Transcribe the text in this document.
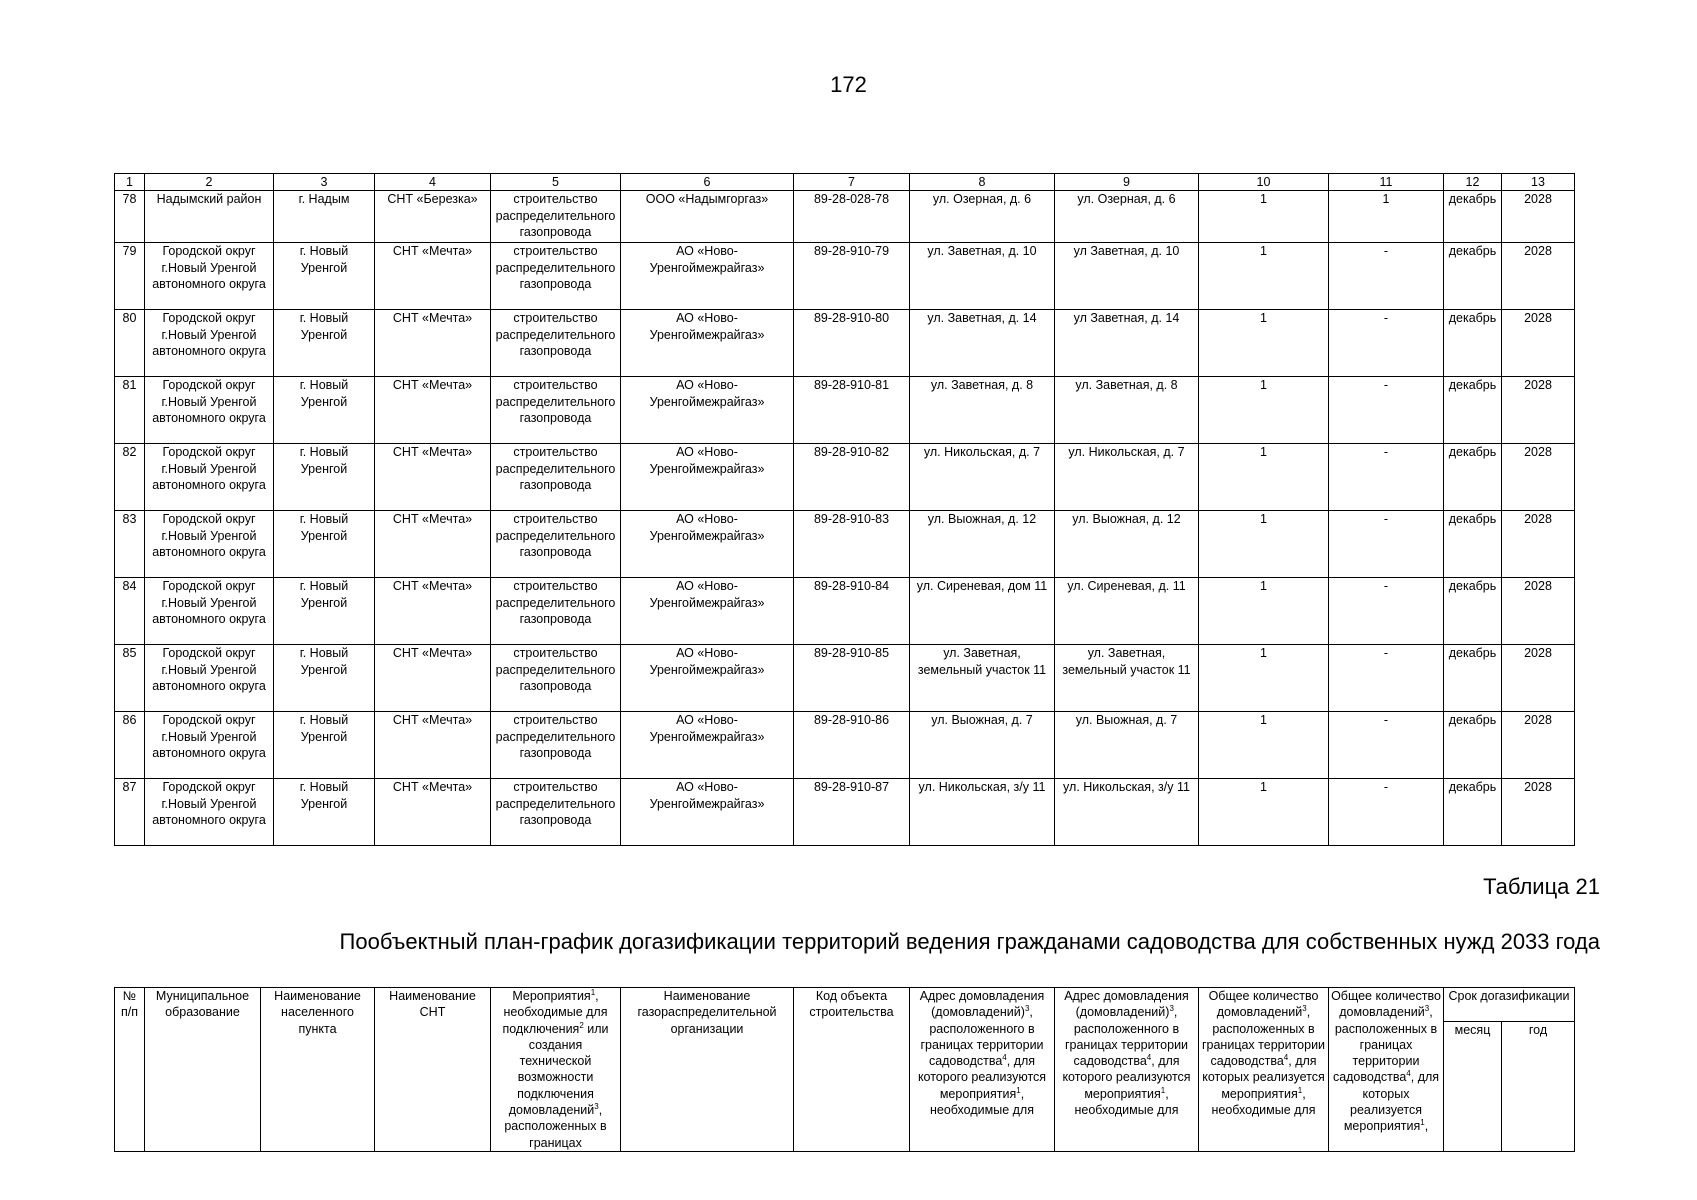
172
1	2	3	4	5	6	7	8	9	10	11	12	13
78	Надымский район	г. Надым	СНТ «Березка»	строительство распределительного газопровода	ООО «Надымгоргаз»	89-28-028-78	ул. Озерная, д. 6	ул. Озерная, д. 6	1	1	декабрь	2028
79	Городской округ г.Новый Уренгой автономного округа	г. Новый Уренгой	СНТ «Мечта»	строительство распределительного газопровода	АО «Ново-Уренгоймежрайгаз»	89-28-910-79	ул. Заветная, д. 10	ул Заветная, д. 10	1	-	декабрь	2028
80	Городской округ г.Новый Уренгой автономного округа	г. Новый Уренгой	СНТ «Мечта»	строительство распределительного газопровода	АО «Ново-Уренгоймежрайгаз»	89-28-910-80	ул. Заветная, д. 14	ул Заветная, д. 14	1	-	декабрь	2028
81	Городской округ г.Новый Уренгой автономного округа	г. Новый Уренгой	СНТ «Мечта»	строительство распределительного газопровода	АО «Ново-Уренгоймежрайгаз»	89-28-910-81	ул. Заветная, д. 8	ул. Заветная, д. 8	1	-	декабрь	2028
82	Городской округ г.Новый Уренгой автономного округа	г. Новый Уренгой	СНТ «Мечта»	строительство распределительного газопровода	АО «Ново-Уренгоймежрайгаз»	89-28-910-82	ул. Никольская, д. 7	ул. Никольская, д. 7	1	-	декабрь	2028
83	Городской округ г.Новый Уренгой автономного округа	г. Новый Уренгой	СНТ «Мечта»	строительство распределительного газопровода	АО «Ново-Уренгоймежрайгаз»	89-28-910-83	ул. Выожная, д. 12	ул. Выожная, д. 12	1	-	декабрь	2028
84	Городской округ г.Новый Уренгой автономного округа	г. Новый Уренгой	СНТ «Мечта»	строительство распределительного газопровода	АО «Ново-Уренгоймежрайгаз»	89-28-910-84	ул. Сиреневая, дом 11	ул. Сиреневая, д. 11	1	-	декабрь	2028
85	Городской округ г.Новый Уренгой автономного округа	г. Новый Уренгой	СНТ «Мечта»	строительство распределительного газопровода	АО «Ново-Уренгоймежрайгаз»	89-28-910-85	ул. Заветная, земельный участок 11	ул. Заветная, земельный участок 11	1	-	декабрь	2028
86	Городской округ г.Новый Уренгой автономного округа	г. Новый Уренгой	СНТ «Мечта»	строительство распределительного газопровода	АО «Ново-Уренгоймежрайгаз»	89-28-910-86	ул. Выожная, д. 7	ул. Выожная, д. 7	1	-	декабрь	2028
87	Городской округ г.Новый Уренгой автономного округа	г. Новый Уренгой	СНТ «Мечта»	строительство распределительного газопровода	АО «Ново-Уренгоймежрайгаз»	89-28-910-87	ул. Никольская, з/у 11	ул. Никольская, з/у 11	1	-	декабрь	2028
Таблица 21
Пообъектный план-график догазификации территорий ведения гражданами садоводства для собственных нужд 2033 года
№ п/п	Муниципальное образование	Наименование населенного пункта	Наименование СНТ	Мероприятия$^1$, необходимые для подключения$^2$ или создания технической возможности подключения домовладений$^3$, расположенных в границах	Наименование газораспределительной организации	Код объекта строительства	Адрес домовладения (домовладений)$^3$, расположенного в границах территории садоводства$^4$, для которого реализуются мероприятия$^1$, необходимые для	Адрес домовладения (домовладений)$^3$, расположенного в границах территории садоводства$^4$, для которого реализуются мероприятия$^1$, необходимые для	Общее количество домовладений$^3$, расположенных в границах территории садоводства$^4$, для которых реализуется мероприятия$^1$, необходимые для	Общее количество домовладений$^3$, расположенных в границах территории садоводства$^4$, для которых реализуется мероприятия$^1$,	Срок догазификации	
											месяц	год
